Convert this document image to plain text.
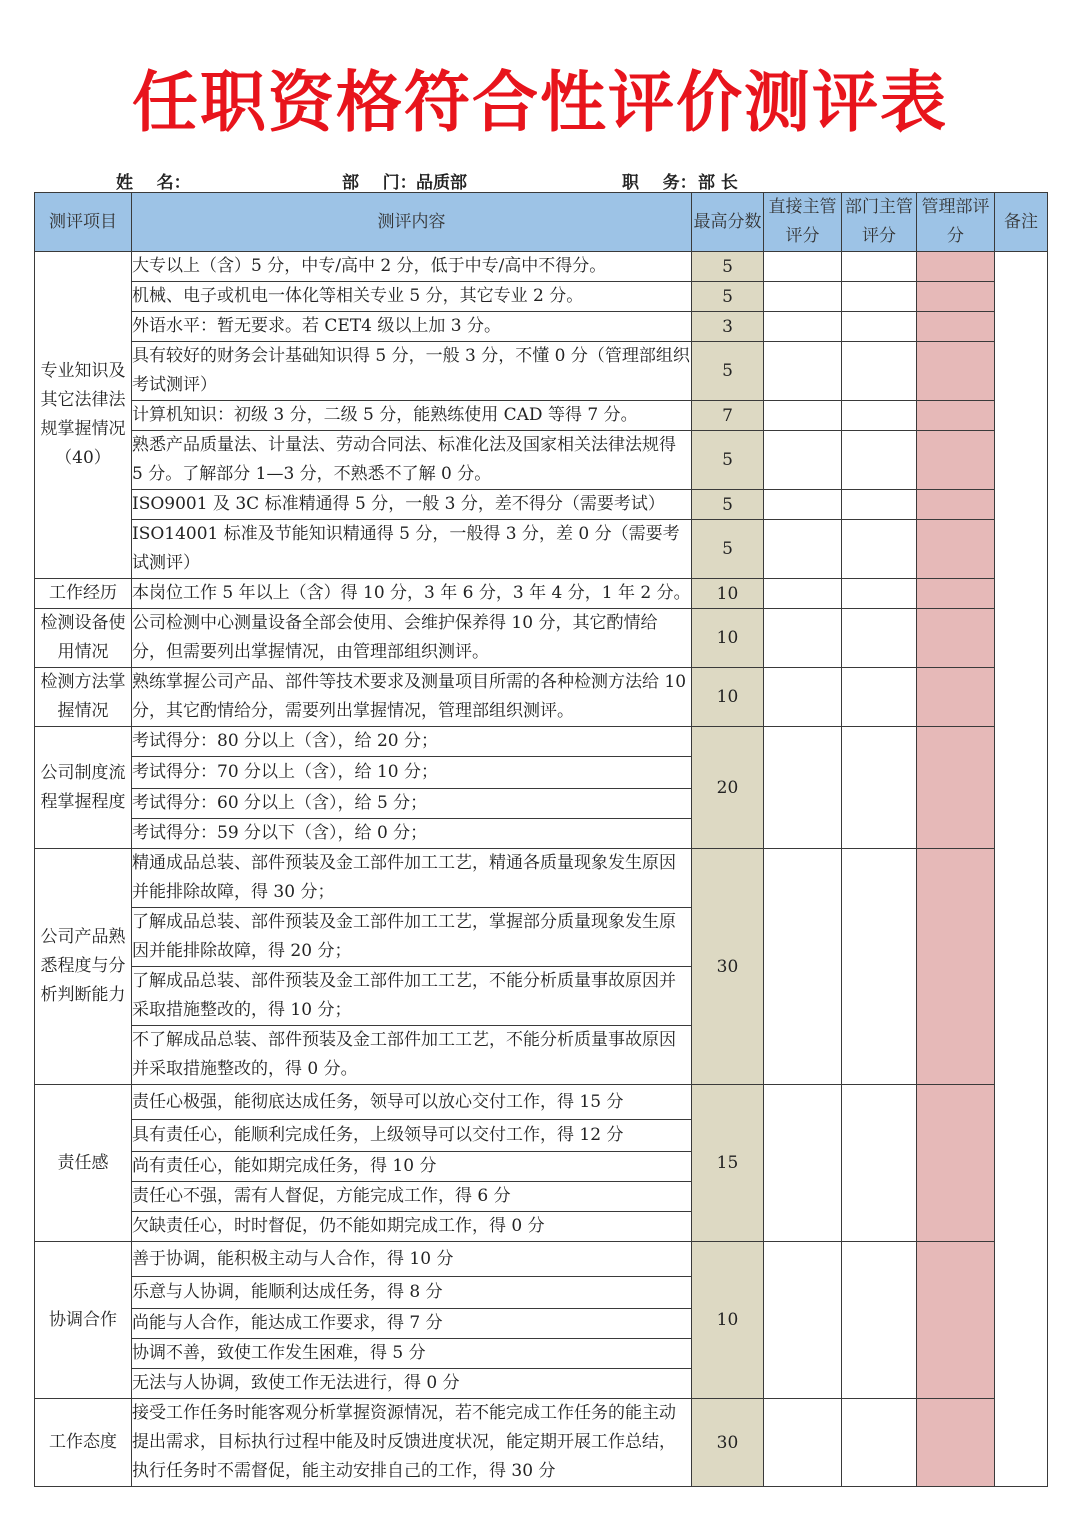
任职资格符合性评价测评表
姓    名：	部    门： 品质部	职    务： 部 长
测评项目	测评内容	最高分数	直接主管评分	部门主管评分	管理部评分	备注
专业知识及其它法律法规掌握情况（40）	大专以上（含）5 分，中专/高中 2 分，低于中专/高中不得分。	5				
	机械、电子或机电一体化等相关专业 5 分，其它专业 2 分。	5				
	外语水平：暂无要求。若 CET4 级以上加 3 分。	3				
	具有较好的财务会计基础知识得 5 分，一般 3 分，不懂 0 分（管理部组织考试测评）	5				
	计算机知识：初级 3 分，二级 5 分，能熟练使用 CAD 等得 7 分。	7				
	熟悉产品质量法、计量法、劳动合同法、标准化法及国家相关法律法规得 5 分。了解部分 1—3 分，不熟悉不了解 0 分。	5				
	ISO9001 及 3C 标准精通得 5 分，一般 3 分，差不得分（需要考试）	5				
	ISO14001 标准及节能知识精通得 5 分，一般得 3 分，差 0 分（需要考试测评）	5				
工作经历	本岗位工作 5 年以上（含）得 10 分，3 年 6 分，3 年 4 分，1 年 2 分。	10				
检测设备使用情况	公司检测中心测量设备全部会使用、会维护保养得 10 分，其它酌情给分，但需要列出掌握情况，由管理部组织测评。	10				
检测方法掌握情况	熟练掌握公司产品、部件等技术要求及测量项目所需的各种检测方法给 10 分，其它酌情给分，需要列出掌握情况，管理部组织测评。	10				
公司制度流程掌握程度	考试得分：80 分以上（含），给 20 分；	20				
	考试得分：70 分以上（含），给 10 分；					
	考试得分：60 分以上（含），给 5 分；					
	考试得分：59 分以下（含），给 0 分；					
公司产品熟悉程度与分析判断能力	精通成品总装、部件预装及金工部件加工工艺，精通各质量现象发生原因并能排除故障，得 30 分；	30				
	了解成品总装、部件预装及金工部件加工工艺，掌握部分质量现象发生原因并能排除故障，得 20 分；					
	了解成品总装、部件预装及金工部件加工工艺，不能分析质量事故原因并采取措施整改的，得 10 分；					
	不了解成品总装、部件预装及金工部件加工工艺，不能分析质量事故原因并采取措施整改的，得 0 分。					
责任感	责任心极强，能彻底达成任务，领导可以放心交付工作，得 15 分	15				
	具有责任心，能顺利完成任务，上级领导可以交付工作，得 12 分					
	尚有责任心，能如期完成任务，得 10 分					
	责任心不强，需有人督促，方能完成工作，得 6 分					
	欠缺责任心，时时督促，仍不能如期完成工作，得 0 分					
协调合作	善于协调，能积极主动与人合作，得 10 分	10				
	乐意与人协调，能顺利达成任务，得 8 分					
	尚能与人合作，能达成工作要求，得 7 分					
	协调不善，致使工作发生困难，得 5 分					
	无法与人协调，致使工作无法进行，得 0 分					
工作态度	接受工作任务时能客观分析掌握资源情况，若不能完成工作任务的能主动提出需求，目标执行过程中能及时反馈进度状况，能定期开展工作总结，执行任务时不需督促，能主动安排自己的工作，得 30 分	30				
